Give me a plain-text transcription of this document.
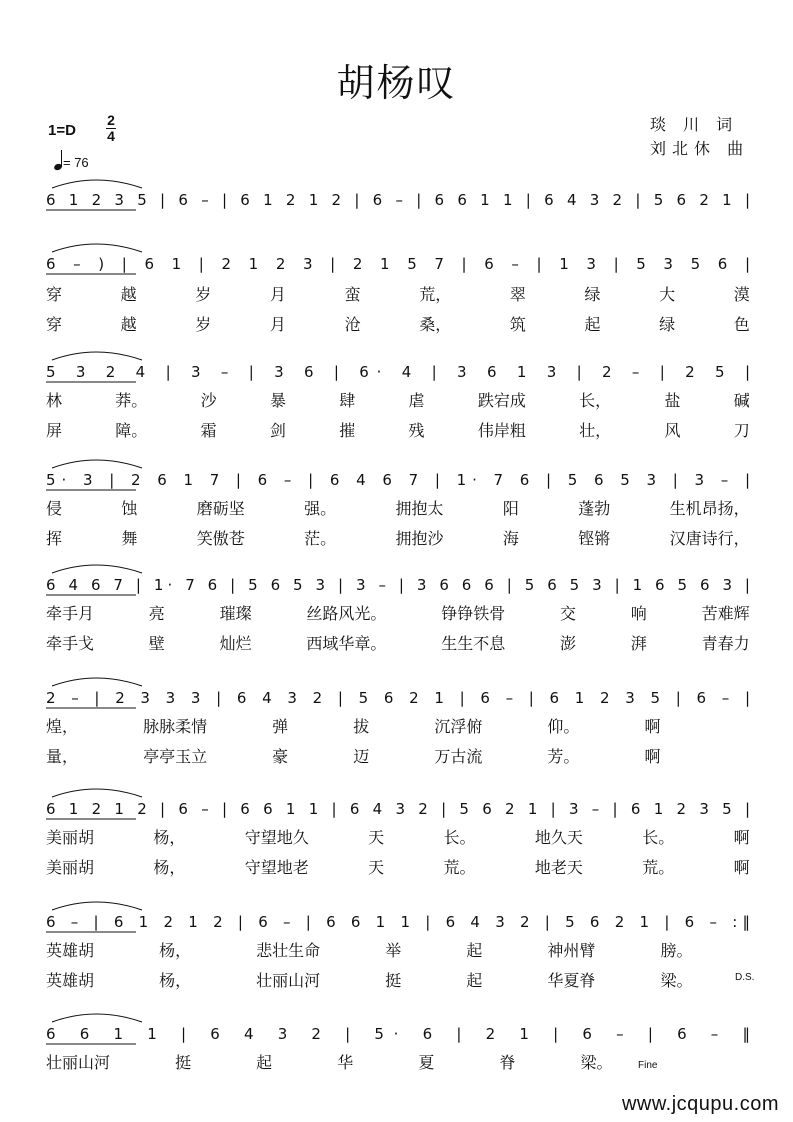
胡杨叹
琰 川 词
刘北休 曲
1=D
2
4
= 76
6 1 2 3 5 | 6 – | 6 1 2 1 2 | 6 – | 6 6 1 1 | 6 4 3 2 | 5 6 2 1 |
6 – ) | 6 1 | 2 1 2 3 | 2 1 5 7 | 6 – | 1 3 | 5 3 5 6 |
5 3 2 4 | 3 – | 3 6 | 6· 4 | 3 6 1 3 | 2 – | 2 5 |
5· 3 | 2 6 1 7 | 6 – | 6 4 6 7 | 1· 7 6 | 5 6 5 3 | 3 – |
6 4 6 7 | 1· 7 6 | 5 6 5 3 | 3 – | 3 6 6 6 | 5 6 5 3 | 1 6 5 6 3 |
2 – | 2 3 3 3 | 6 4 3 2 | 5 6 2 1 | 6 – | 6 1 2 3 5 | 6 – |
6 1 2 1 2 | 6 – | 6 6 1 1 | 6 4 3 2 | 5 6 2 1 | 3 – | 6 1 2 3 5 |
6 – | 6 1 2 1 2 | 6 – | 6 6 1 1 | 6 4 3 2 | 5 6 2 1 | 6 – :‖
6 6 1 1 | 6 4 3 2 | 5· 6 | 2 1 | 6 – | 6 – ‖
穿 越 岁 月 蛮 荒， 翠 绿 大 漠
穿 越 岁 月 沧 桑， 筑 起 绿 色
林 莽。 沙 暴 肆 虐 跌宕成 长， 盐 碱
屏 障。 霜 剑 摧 残 伟岸粗 壮， 风 刀
侵 蚀 磨砺坚 强。 拥抱太 阳 蓬勃 生机昂扬，
挥 舞 笑傲苍 茫。 拥抱沙 海 铿锵 汉唐诗行，
牵手月 亮 璀璨 丝路风光。 铮铮铁骨 交 响 苦难辉
牵手戈 壁 灿烂 西域华章。 生生不息 澎 湃 青春力
煌， 脉脉柔情 弹 拔 沉浮俯 仰。 啊
量， 亭亭玉立 豪 迈 万古流 芳。 啊
美丽胡 杨， 守望地久 天 长。 地久天 长。 啊
美丽胡 杨， 守望地老 天 荒。 地老天 荒。 啊
英雄胡 杨， 悲壮生命 举 起 神州臂 膀。
英雄胡 杨， 壮丽山河 挺 起 华夏脊 梁。
壮丽山河 挺 起 华 夏 脊 梁。
D.S.
Fine
www.jcqupu.com
